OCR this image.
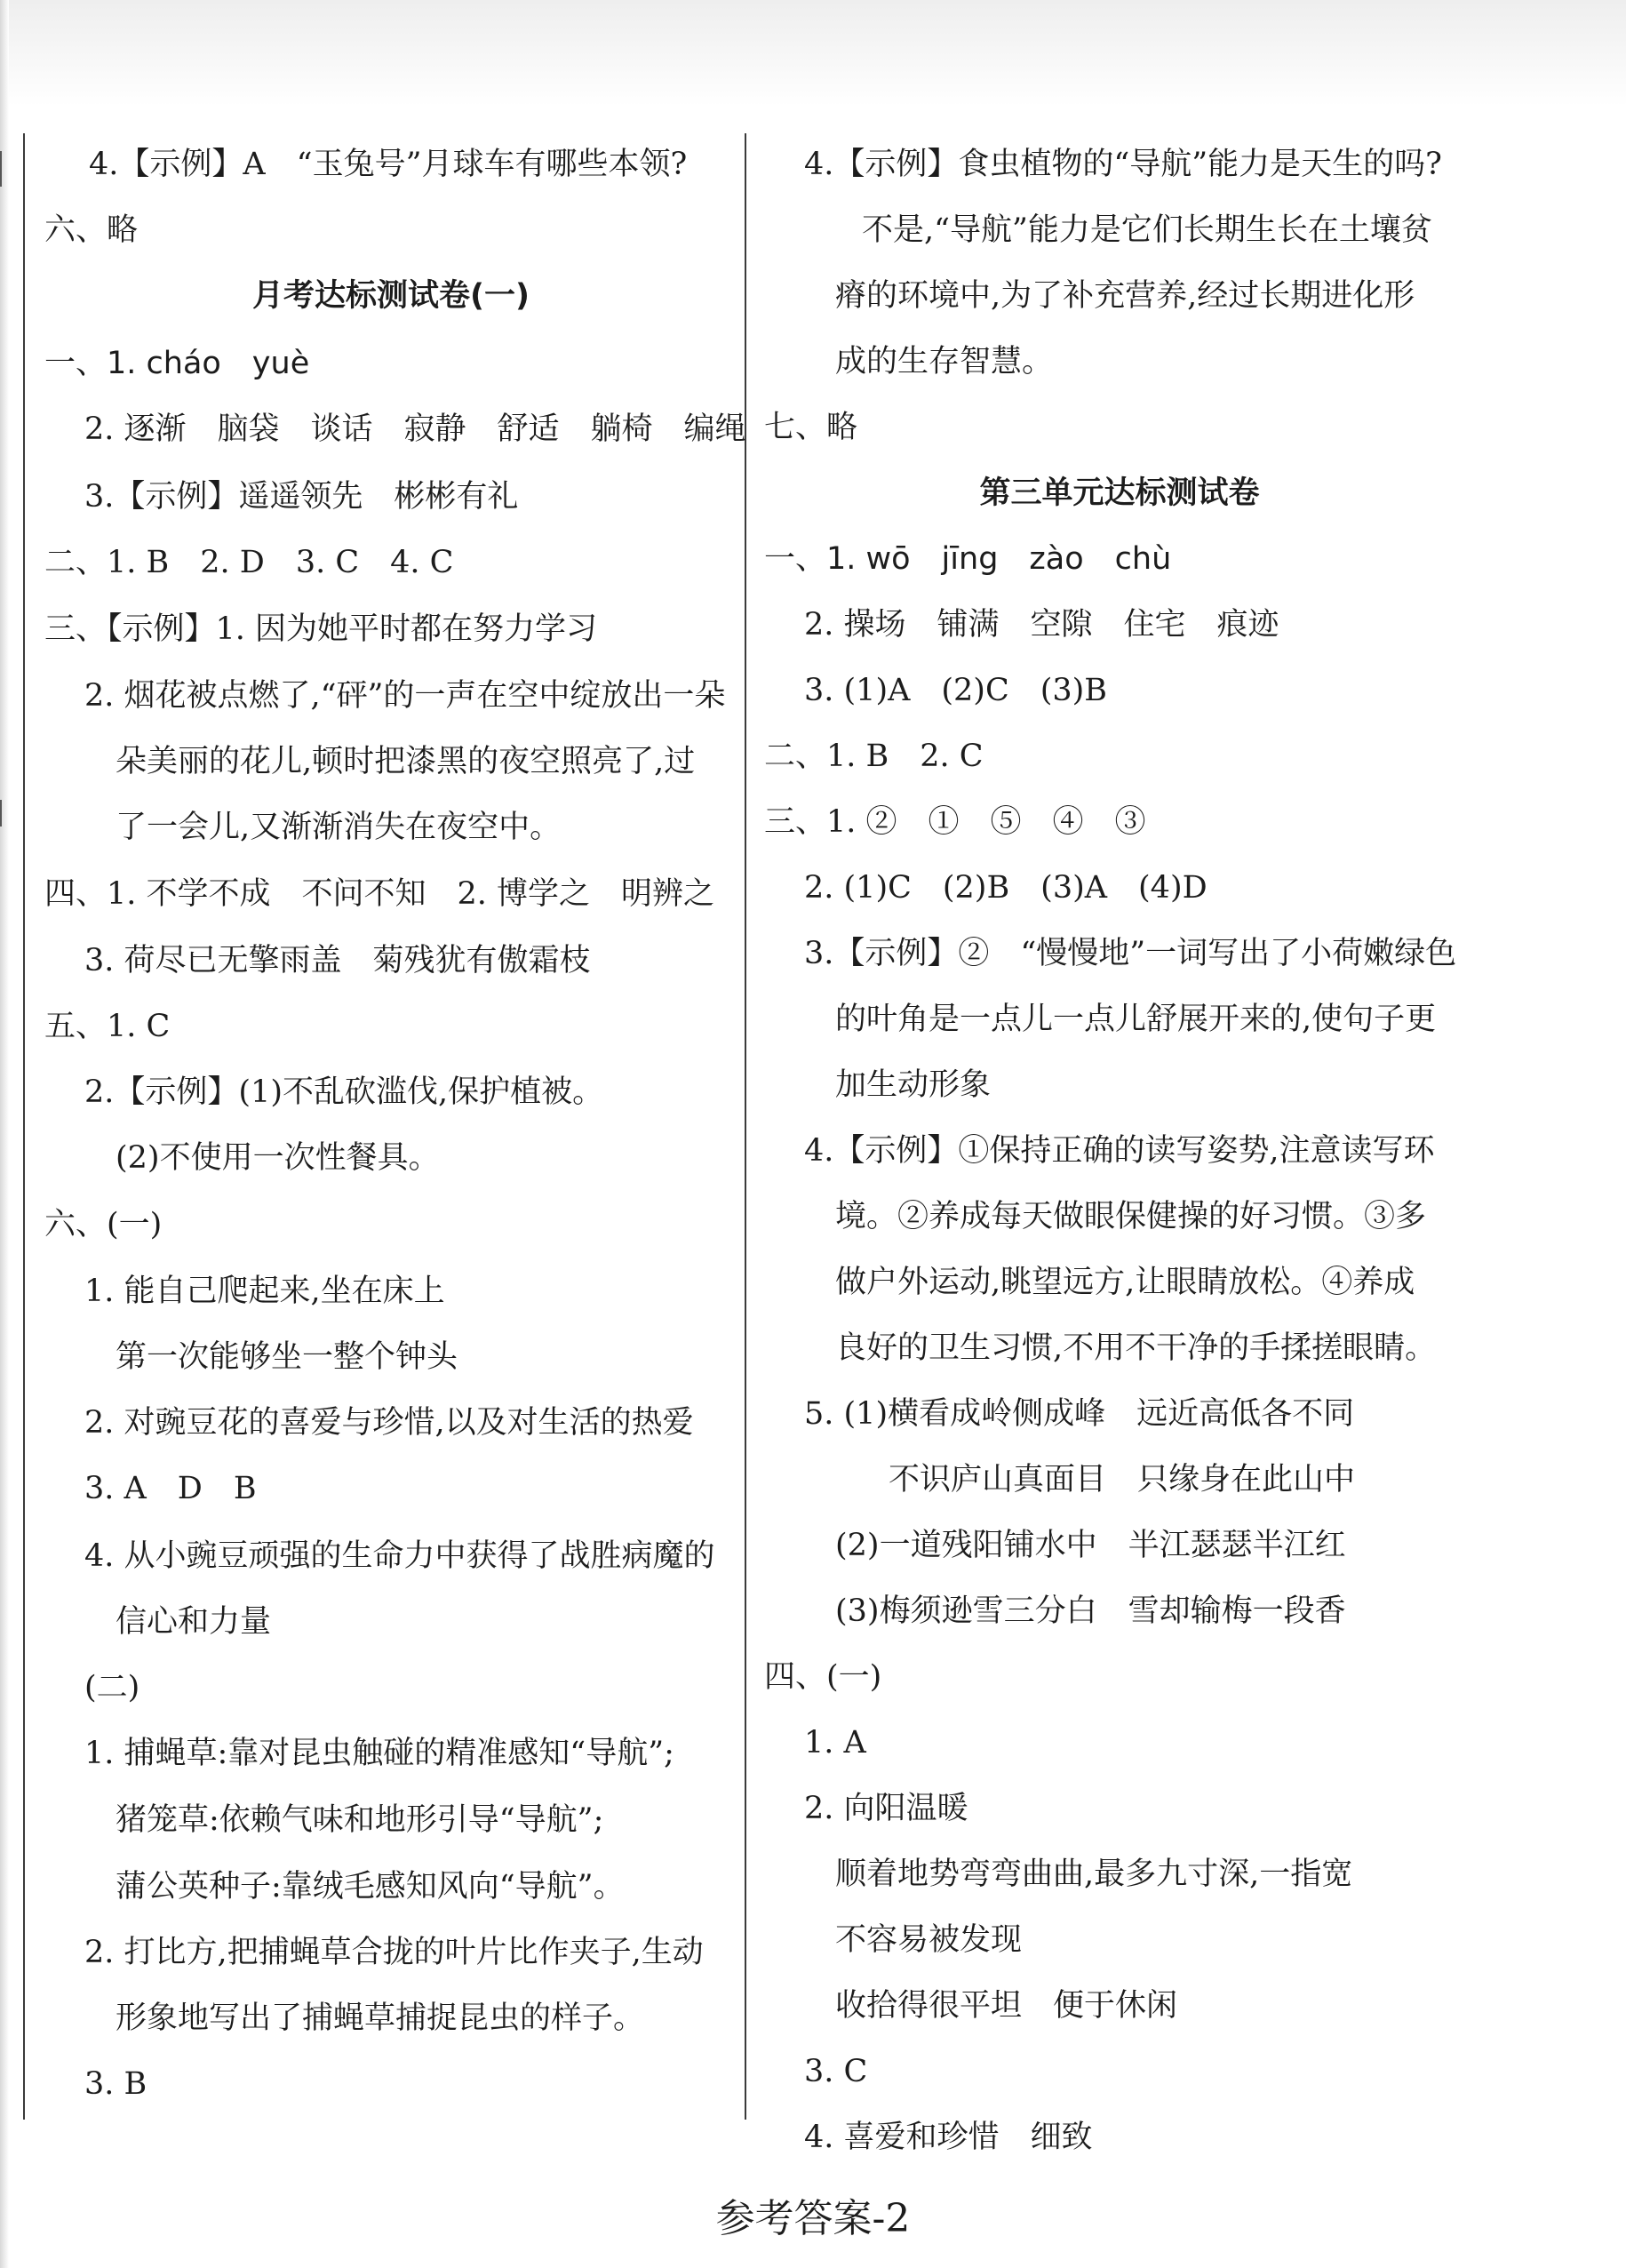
4.【示例】A　“玉兔号”月球车有哪些本领?
六、略
月考达标测试卷(一)
一、1. cháo　yuè
2. 逐渐　脑袋　谈话　寂静　舒适　躺椅　编绳
3.【示例】遥遥领先　彬彬有礼
二、1. B　2. D　3. C　4. C
三、【示例】1. 因为她平时都在努力学习
2. 烟花被点燃了,“砰”的一声在空中绽放出一朵
朵美丽的花儿,顿时把漆黑的夜空照亮了,过
了一会儿,又渐渐消失在夜空中。
四、1. 不学不成　不问不知　2. 博学之　明辨之
3. 荷尽已无擎雨盖　菊残犹有傲霜枝
五、1. C
2.【示例】(1)不乱砍滥伐,保护植被。
(2)不使用一次性餐具。
六、(一)
1. 能自己爬起来,坐在床上
第一次能够坐一整个钟头
2. 对豌豆花的喜爱与珍惜,以及对生活的热爱
3. A　D　B
4. 从小豌豆顽强的生命力中获得了战胜病魔的
信心和力量
(二)
1. 捕蝇草:靠对昆虫触碰的精准感知“导航”;
猪笼草:依赖气味和地形引导“导航”;
蒲公英种子:靠绒毛感知风向“导航”。
2. 打比方,把捕蝇草合拢的叶片比作夹子,生动
形象地写出了捕蝇草捕捉昆虫的样子。
3. B
4.【示例】食虫植物的“导航”能力是天生的吗?
不是,“导航”能力是它们长期生长在土壤贫
瘠的环境中,为了补充营养,经过长期进化形
成的生存智慧。
七、略
第三单元达标测试卷
一、1. wō　jīng　zào　chù
2. 操场　铺满　空隙　住宅　痕迹
3. (1)A　(2)C　(3)B
二、1. B　2. C
三、1. ②　①　⑤　④　③
2. (1)C　(2)B　(3)A　(4)D
3.【示例】②　“慢慢地”一词写出了小荷嫩绿色
的叶角是一点儿一点儿舒展开来的,使句子更
加生动形象
4.【示例】①保持正确的读写姿势,注意读写环
境。②养成每天做眼保健操的好习惯。③多
做户外运动,眺望远方,让眼睛放松。④养成
良好的卫生习惯,不用不干净的手揉搓眼睛。
5. (1)横看成岭侧成峰　远近高低各不同
不识庐山真面目　只缘身在此山中
(2)一道残阳铺水中　半江瑟瑟半江红
(3)梅须逊雪三分白　雪却输梅一段香
四、(一)
1. A
2. 向阳温暖
顺着地势弯弯曲曲,最多九寸深,一指宽
不容易被发现
收拾得很平坦　便于休闲
3. C
4. 喜爱和珍惜　细致
参考答案-2
